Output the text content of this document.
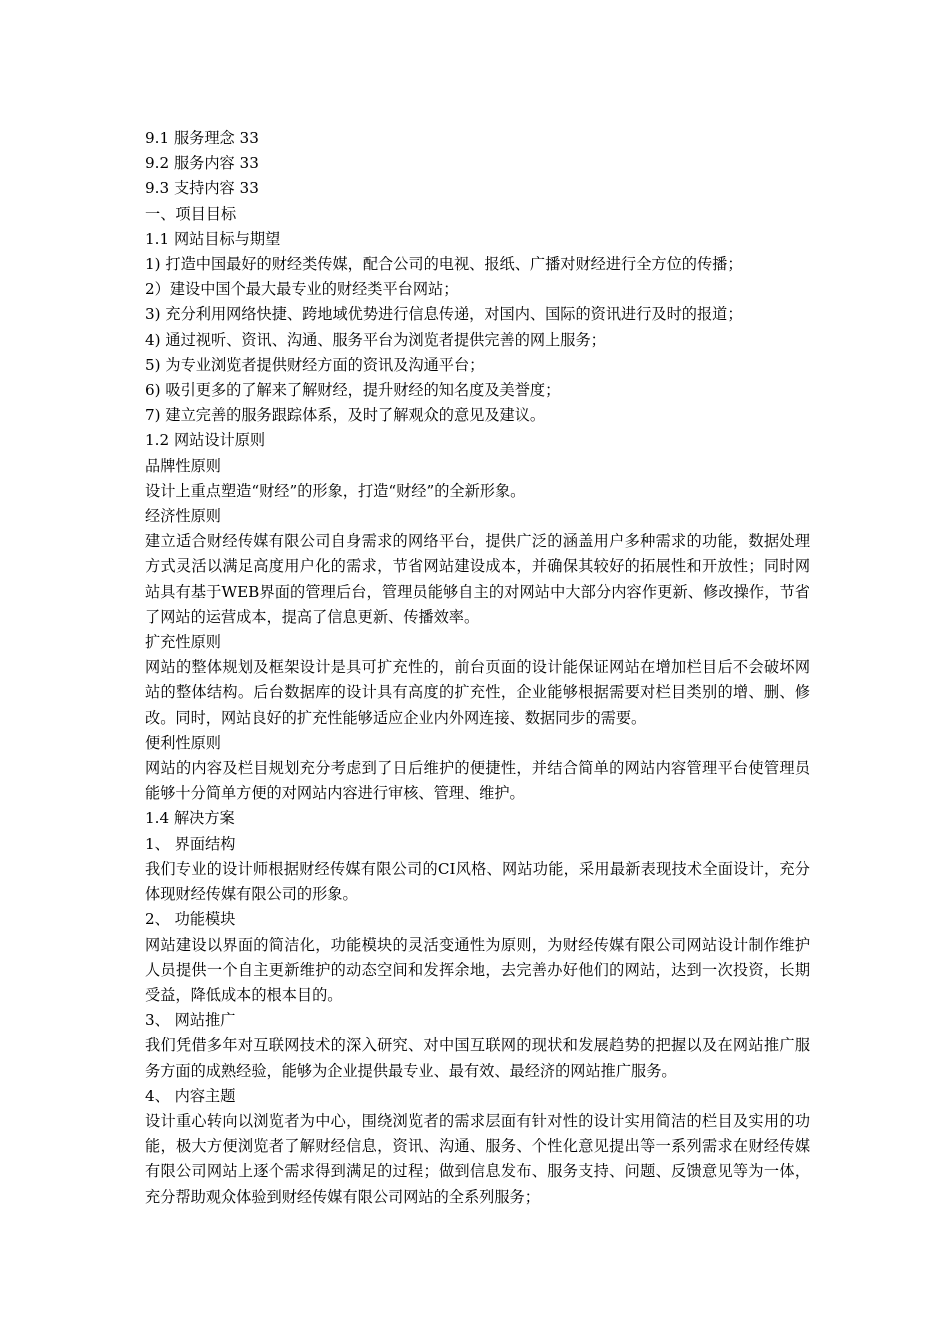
9.1 服务理念 33

9.2 服务内容 33

9.3 支持内容 33

一、项目目标

1.1 网站目标与期望

1) 打造中国最好的财经类传媒，配合公司的电视、报纸、广播对财经进行全方位的传播；

2）建设中国个最大最专业的财经类平台网站；

3) 充分利用网络快捷、跨地域优势进行信息传递，对国内、国际的资讯进行及时的报道；

4) 通过视听、资讯、沟通、服务平台为浏览者提供完善的网上服务；

5) 为专业浏览者提供财经方面的资讯及沟通平台；

6) 吸引更多的了解来了解财经，提升财经的知名度及美誉度；

7) 建立完善的服务跟踪体系，及时了解观众的意见及建议。

1.2 网站设计原则

品牌性原则

设计上重点塑造“财经”的形象，打造“财经”的全新形象。

经济性原则

建立适合财经传媒有限公司自身需求的网络平台，提供广泛的涵盖用户多种需求的功能，数据处理方式灵活以满足高度用户化的需求，节省网站建设成本，并确保其较好的拓展性和开放性；同时网站具有基于WEB界面的管理后台，管理员能够自主的对网站中大部分内容作更新、修改操作，节省了网站的运营成本，提高了信息更新、传播效率。

扩充性原则

网站的整体规划及框架设计是具可扩充性的，前台页面的设计能保证网站在增加栏目后不会破坏网站的整体结构。后台数据库的设计具有高度的扩充性，企业能够根据需要对栏目类别的增、删、修改。同时，网站良好的扩充性能够适应企业内外网连接、数据同步的需要。

便利性原则

网站的内容及栏目规划充分考虑到了日后维护的便捷性，并结合简单的网站内容管理平台使管理员能够十分简单方便的对网站内容进行审核、管理、维护。

1.4 解决方案

1、 界面结构

我们专业的设计师根据财经传媒有限公司的CI风格、网站功能，采用最新表现技术全面设计，充分体现财经传媒有限公司的形象。

2、 功能模块

网站建设以界面的简洁化，功能模块的灵活变通性为原则，为财经传媒有限公司网站设计制作维护人员提供一个自主更新维护的动态空间和发挥余地，去完善办好他们的网站，达到一次投资，长期受益，降低成本的根本目的。

3、 网站推广

我们凭借多年对互联网技术的深入研究、对中国互联网的现状和发展趋势的把握以及在网站推广服务方面的成熟经验，能够为企业提供最专业、最有效、最经济的网站推广服务。

4、 内容主题

设计重心转向以浏览者为中心，围绕浏览者的需求层面有针对性的设计实用简洁的栏目及实用的功能，极大方便浏览者了解财经信息，资讯、沟通、服务、个性化意见提出等一系列需求在财经传媒有限公司网站上逐个需求得到满足的过程；做到信息发布、服务支持、问题、反馈意见等为一体，充分帮助观众体验到财经传媒有限公司网站的全系列服务；
